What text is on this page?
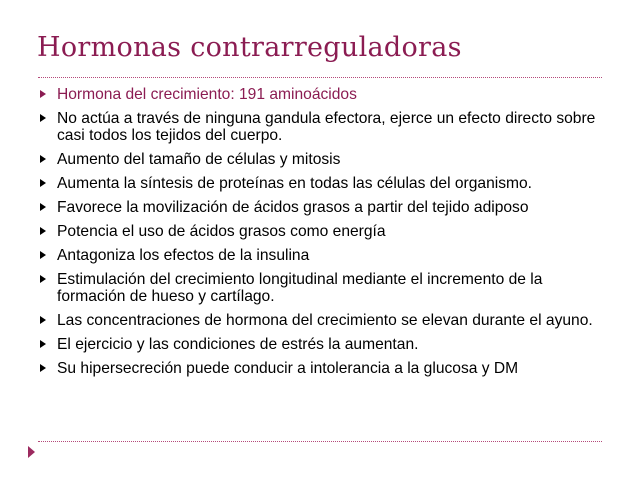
Hormonas contrarreguladoras
Hormona del crecimiento: 191 aminoácidos
No actúa a través de ninguna gandula efectora, ejerce un efecto directo sobre casi todos los tejidos del cuerpo.
Aumento del tamaño de células y mitosis
Aumenta la síntesis de proteínas en todas las células del organismo.
Favorece la movilización de ácidos grasos a partir del tejido adiposo
Potencia el uso de ácidos grasos como energía
Antagoniza los efectos de la insulina
Estimulación del crecimiento longitudinal mediante el incremento de la formación de hueso y cartílago.
Las concentraciones de hormona del crecimiento se elevan durante el ayuno.
El ejercicio y las condiciones de estrés la aumentan.
Su hipersecreción puede conducir a intolerancia a la glucosa y DM
